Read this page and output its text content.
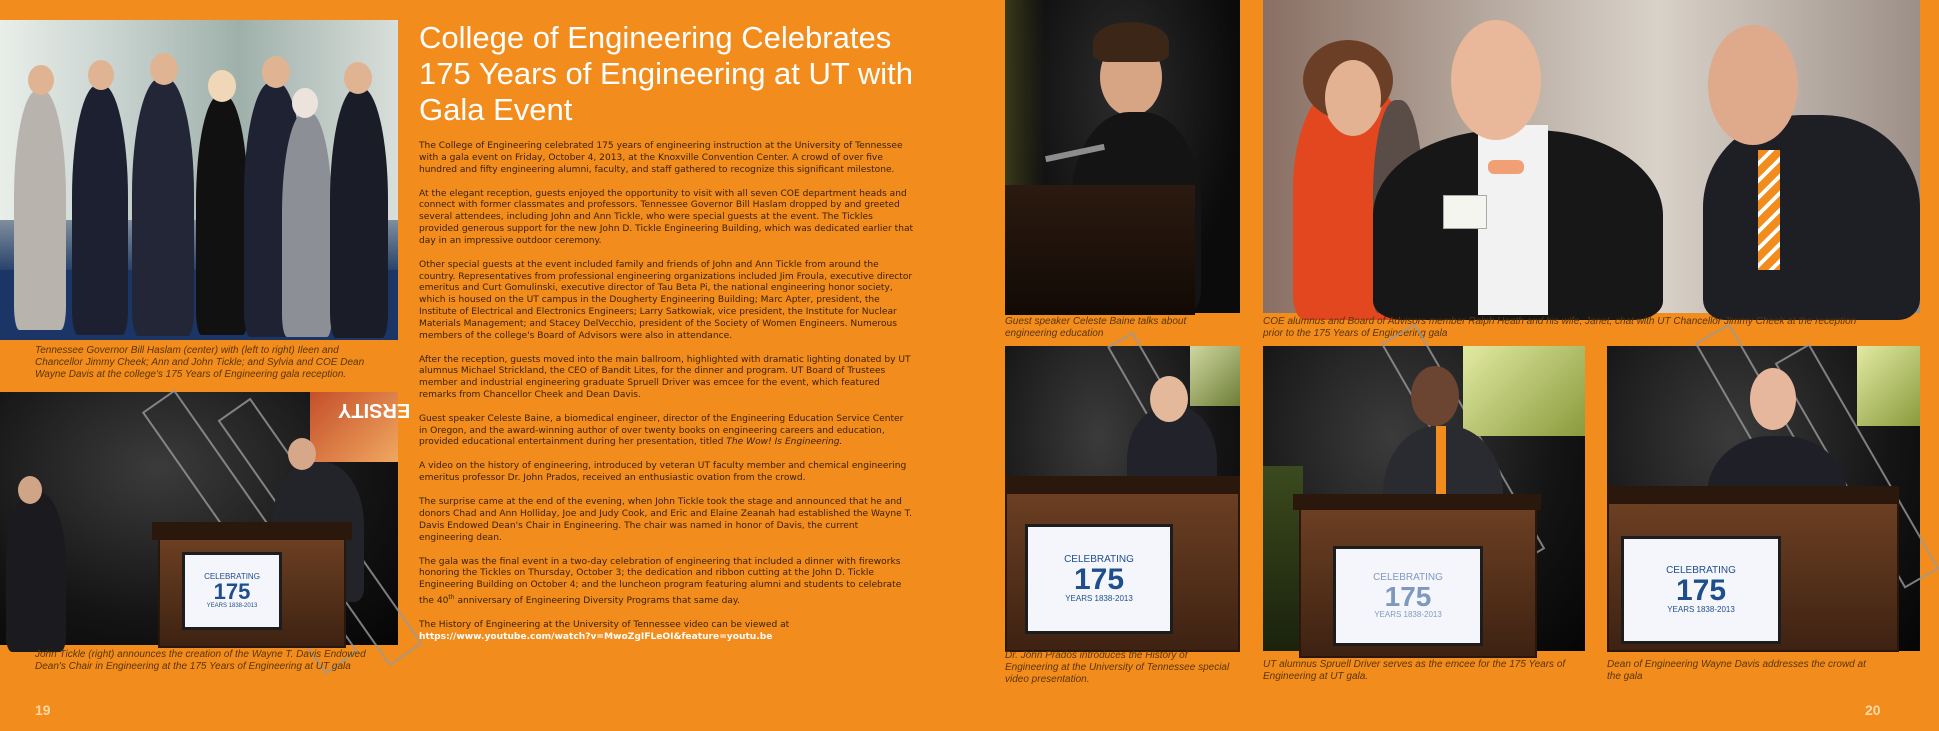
Tennessee Governor Bill Haslam (center) with (left to right) Ileen and Chancellor Jimmy Cheek; Ann and John Tickle; and Sylvia and COE Dean Wayne Davis at the college's 175 Years of Engineering gala reception.
ERSITY
CELEBRATING
175
YEARS 1838-2013
John Tickle (right) announces the creation of the Wayne T. Davis Endowed Dean's Chair in Engineering at the 175 Years of Engineering at UT gala
College of Engineering Celebrates 175 Years of Engineering at UT with Gala Event

The College of Engineering celebrated 175 years of engineering instruction at the University of Tennessee with a gala event on Friday, October 4, 2013, at the Knoxville Convention Center. A crowd of over five hundred and fifty engineering alumni, faculty, and staff gathered to recognize this significant milestone.

At the elegant reception, guests enjoyed the opportunity to visit with all seven COE department heads and connect with former classmates and professors. Tennessee Governor Bill Haslam dropped by and greeted several attendees, including John and Ann Tickle, who were special guests at the event. The Tickles provided generous support for the new John D. Tickle Engineering Building, which was dedicated earlier that day in an impressive outdoor ceremony.

Other special guests at the event included family and friends of John and Ann Tickle from around the country. Representatives from professional engineering organizations included Jim Froula, executive director emeritus and Curt Gomulinski, executive director of Tau Beta Pi, the national engineering honor society, which is housed on the UT campus in the Dougherty Engineering Building; Marc Apter, president, the Institute of Electrical and Electronics Engineers; Larry Satkowiak, vice president, the Institute for Nuclear Materials Management; and Stacey DelVecchio, president of the Society of Women Engineers. Numerous members of the college's Board of Advisors were also in attendance.

After the reception, guests moved into the main ballroom, highlighted with dramatic lighting donated by UT alumnus Michael Strickland, the CEO of Bandit Lites, for the dinner and program. UT Board of Trustees member and industrial engineering graduate Spruell Driver was emcee for the event, which featured remarks from Chancellor Cheek and Dean Davis.

Guest speaker Celeste Baine, a biomedical engineer, director of the Engineering Education Service Center in Oregon, and the award-winning author of over twenty books on engineering careers and education, provided educational entertainment during her presentation, titled The Wow! Is Engineering.

A video on the history of engineering, introduced by veteran UT faculty member and chemical engineering emeritus professor Dr. John Prados, received an enthusiastic ovation from the crowd.

The surprise came at the end of the evening, when John Tickle took the stage and announced that he and donors Chad and Ann Holliday, Joe and Judy Cook, and Eric and Elaine Zeanah had established the Wayne T. Davis Endowed Dean's Chair in Engineering. The chair was named in honor of Davis, the current engineering dean.

The gala was the final event in a two-day celebration of engineering that included a dinner with fireworks honoring the Tickles on Thursday, October 3; the dedication and ribbon cutting at the John D. Tickle Engineering Building on October 4; and the luncheon program featuring alumni and students to celebrate the 40th anniversary of Engineering Diversity Programs that same day.

The History of Engineering at the University of Tennessee video can be viewed at https://www.youtube.com/watch?v=MwoZgIFLeOI&feature=youtu.be

19
Guest speaker Celeste Baine talks about engineering education
COE alumnus and Board of Advisors member Ralph Heath and his wife, Janet, chat with UT Chancellor Jimmy Cheek at the reception prior to the 175 Years of Engineering gala
CELEBRATING
175
YEARS 1838-2013
Dr. John Prados introduces the History of Engineering at the University of Tennessee special video presentation.
CELEBRATING
175
YEARS 1838-2013
UT alumnus Spruell Driver serves as the emcee for the 175 Years of Engineering at UT gala.
CELEBRATING
175
YEARS 1838-2013
Dean of Engineering Wayne Davis addresses the crowd at the gala
20
